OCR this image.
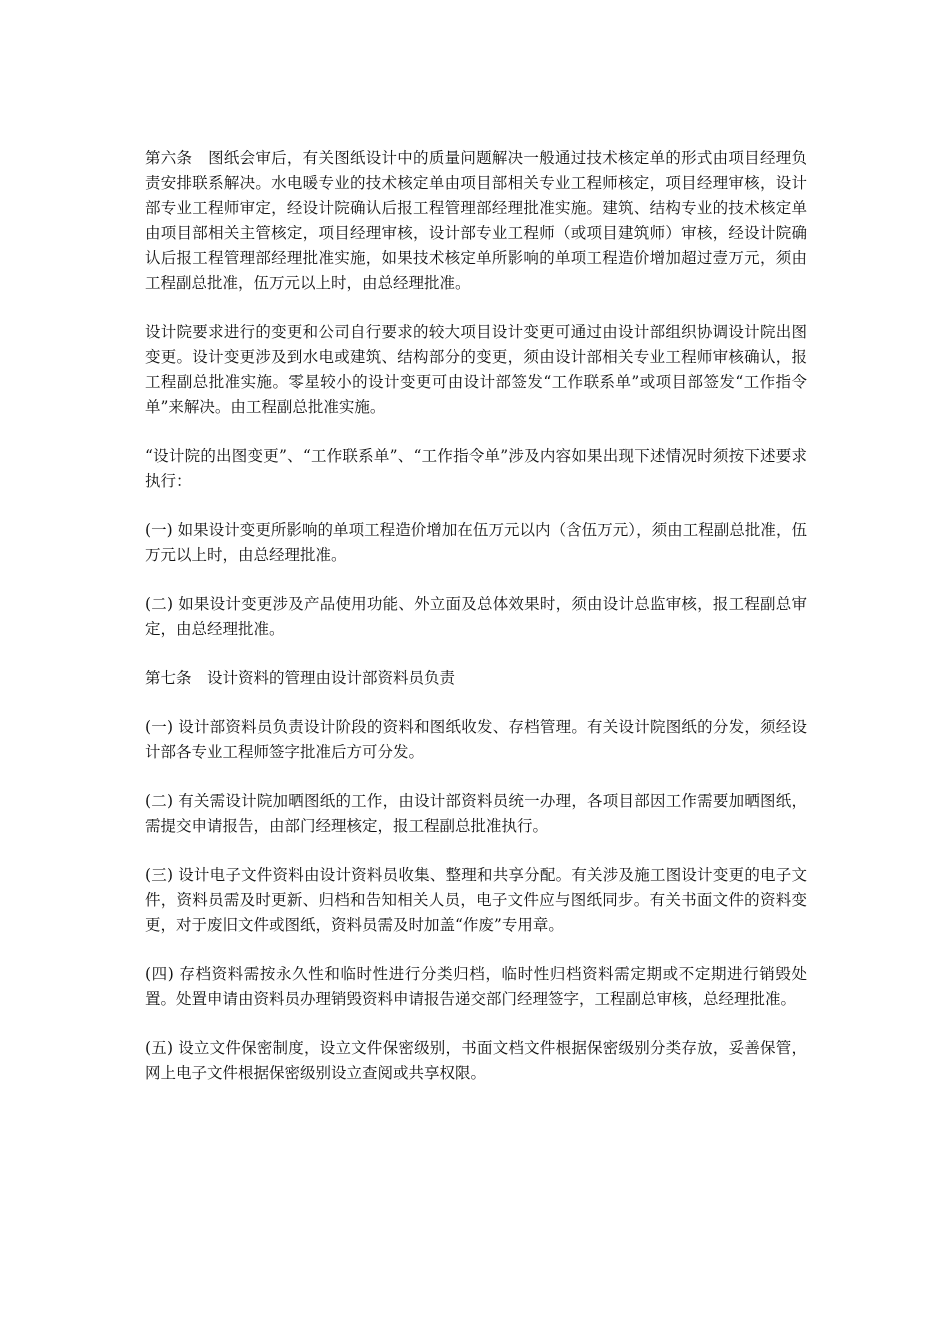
第六条　图纸会审后，有关图纸设计中的质量问题解决一般通过技术核定单的形式由项目经理负责安排联系解决。水电暖专业的技术核定单由项目部相关专业工程师核定，项目经理审核，设计部专业工程师审定，经设计院确认后报工程管理部经理批准实施。建筑、结构专业的技术核定单由项目部相关主管核定，项目经理审核，设计部专业工程师（或项目建筑师）审核，经设计院确认后报工程管理部经理批准实施，如果技术核定单所影响的单项工程造价增加超过壹万元，须由工程副总批准，伍万元以上时，由总经理批准。

设计院要求进行的变更和公司自行要求的较大项目设计变更可通过由设计部组织协调设计院出图变更。设计变更涉及到水电或建筑、结构部分的变更，须由设计部相关专业工程师审核确认，报工程副总批准实施。零星较小的设计变更可由设计部签发“工作联系单”或项目部签发“工作指令单”来解决。由工程副总批准实施。

“设计院的出图变更”、“工作联系单”、“工作指令单”涉及内容如果出现下述情况时须按下述要求执行：

(一) 如果设计变更所影响的单项工程造价增加在伍万元以内（含伍万元），须由工程副总批准，伍万元以上时，由总经理批准。

(二) 如果设计变更涉及产品使用功能、外立面及总体效果时，须由设计总监审核，报工程副总审定，由总经理批准。

第七条　设计资料的管理由设计部资料员负责

(一) 设计部资料员负责设计阶段的资料和图纸收发、存档管理。有关设计院图纸的分发，须经设计部各专业工程师签字批准后方可分发。

(二) 有关需设计院加晒图纸的工作，由设计部资料员统一办理，各项目部因工作需要加晒图纸，需提交申请报告，由部门经理核定，报工程副总批准执行。

(三) 设计电子文件资料由设计资料员收集、整理和共享分配。有关涉及施工图设计变更的电子文件，资料员需及时更新、归档和告知相关人员，电子文件应与图纸同步。有关书面文件的资料变更，对于废旧文件或图纸，资料员需及时加盖“作废”专用章。

(四) 存档资料需按永久性和临时性进行分类归档，临时性归档资料需定期或不定期进行销毁处置。处置申请由资料员办理销毁资料申请报告递交部门经理签字，工程副总审核，总经理批准。

(五) 设立文件保密制度，设立文件保密级别，书面文档文件根据保密级别分类存放，妥善保管，网上电子文件根据保密级别设立查阅或共享权限。
